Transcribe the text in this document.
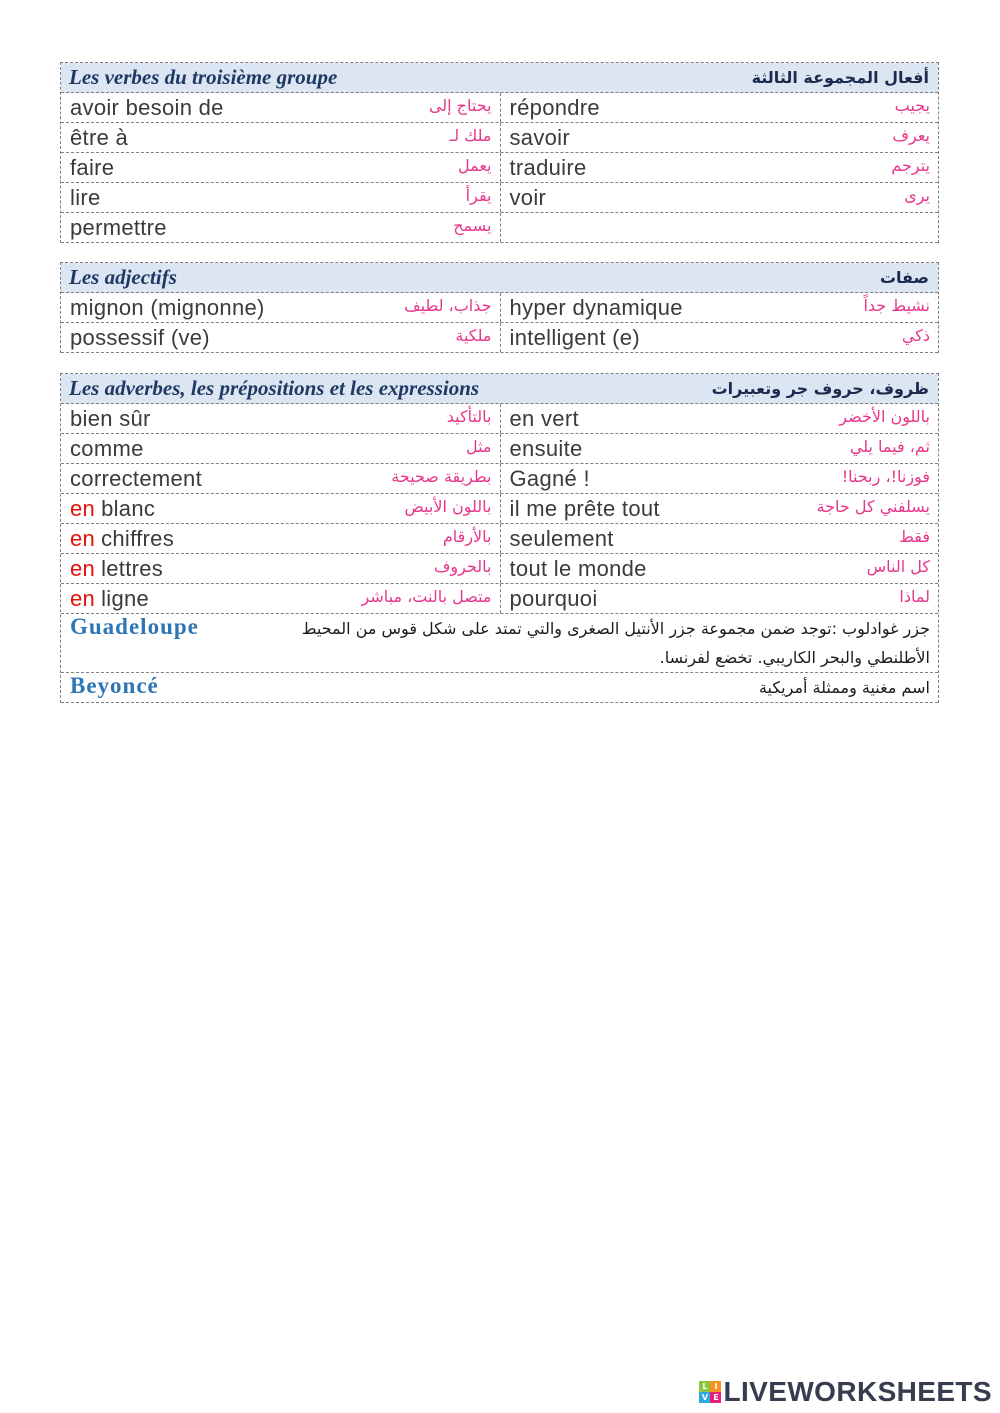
Les verbes du troisième groupe	أفعال المجموعة الثالثة
avoir besoin de	يحتاج إلى répondre	يجيب
être à	ملك لـ savoir	يعرف
faire	يعمل traduire	يترجم
lire	يقرأ voir	يرى
permettre	يسمح
Les adjectifs	صفات
mignon (mignonne)	جذاب، لطيف hyper dynamique	نشيط جداً
possessif (ve)	ملكية intelligent (e)	ذكي
Les adverbes, les prépositions et les expressions	ظروف، حروف جر وتعبيرات
bien sûr	بالتأكيد en vert	باللون الأخضر
comme	مثل ensuite	ثم، فيما يلي
correctement	بطريقة صحيحة Gagné !	فوزنا!، ربحنا!
en blanc	باللون الأبيض il me prête tout	يسلفني كل حاجة
en chiffres	بالأرقام seulement	فقط
en lettres	بالحروف tout le monde	كل الناس
en ligne	متصل بالنت، مباشر pourquoi	لماذا
Guadeloupe	جزر غوادلوب :توجد ضمن مجموعة جزر الأنتيل الصغرى والتي تمتد على شكل قوس من المحيط الأطلنطي والبحر الكاريبي. تخضع لفرنسا.
Beyoncé	اسم مغنية وممثلة أمريكية
L I
V E LIVEWORKSHEETS
